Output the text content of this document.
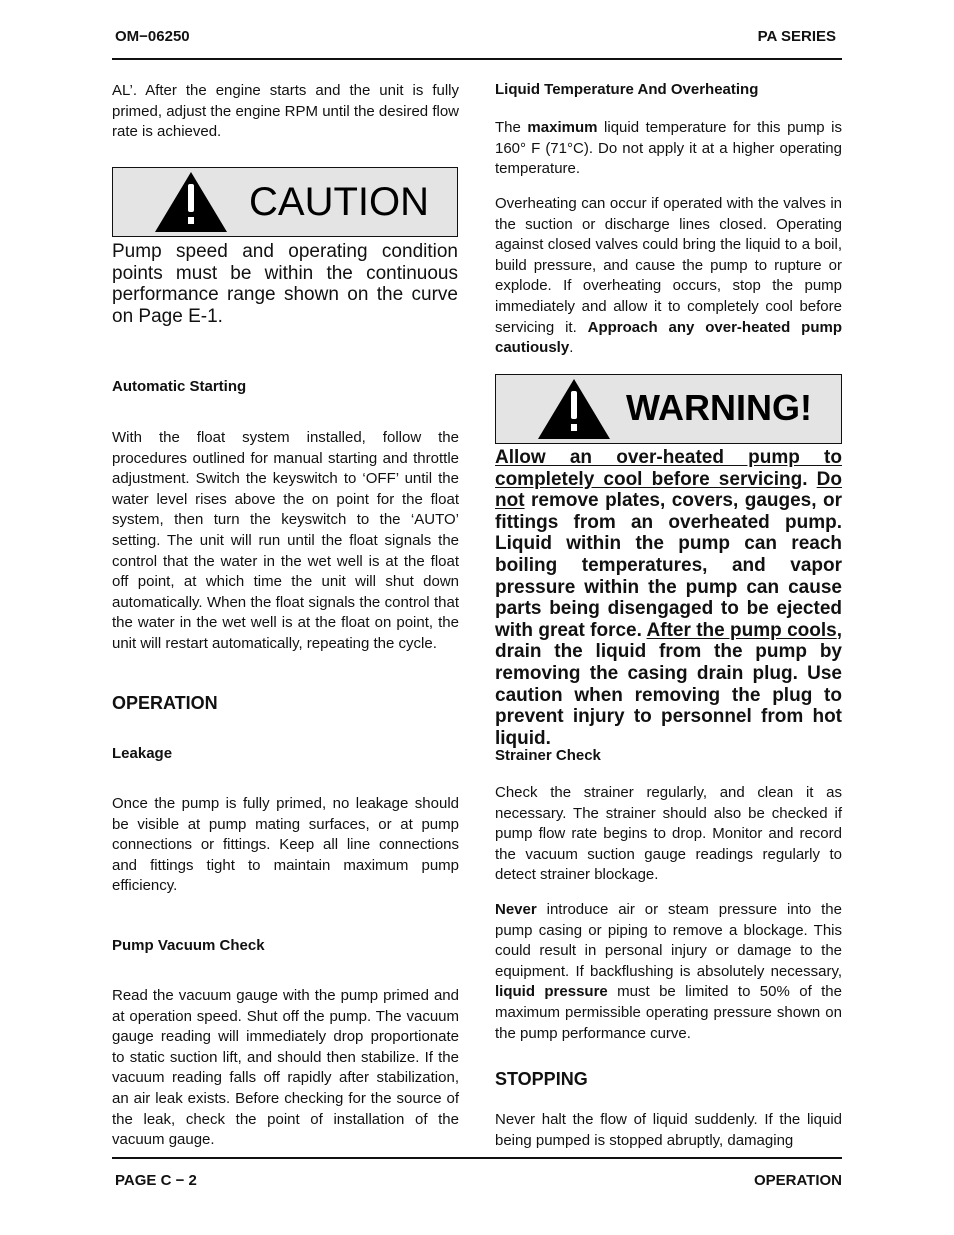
OM−06250	PA SERIES

AL’. After the engine starts and the unit is fully primed, adjust the engine RPM until the desired flow rate is achieved.

CAUTION
Pump speed and operating condition points must be within the continuous performance range shown on the curve on Page E-1.
Automatic Starting

With the float system installed, follow the procedures outlined for manual starting and throttle adjustment. Switch the keyswitch to ‘OFF’ until the water level rises above the on point for the float system, then turn the keyswitch to the ‘AUTO’ setting. The unit will run until the float signals the control that the water in the wet well is at the float off point, at which time the unit will shut down automatically. When the float signals the control that the water in the wet well is at the float on point, the unit will restart automatically, repeating the cycle.

OPERATION
Leakage

Once the pump is fully primed, no leakage should be visible at pump mating surfaces, or at pump connections or fittings. Keep all line connections and fittings tight to maintain maximum pump efficiency.

Pump Vacuum Check

Read the vacuum gauge with the pump primed and at operation speed. Shut off the pump. The vacuum gauge reading will immediately drop proportionate to static suction lift, and should then stabilize. If the vacuum reading falls off rapidly after stabilization, an air leak exists. Before checking for the source of the leak, check the point of installation of the vacuum gauge.

Liquid Temperature And Overheating

The maximum liquid temperature for this pump is 160° F (71°C). Do not apply it at a higher operating temperature.

Overheating can occur if operated with the valves in the suction or discharge lines closed. Operating against closed valves could bring the liquid to a boil, build pressure, and cause the pump to rupture or explode. If overheating occurs, stop the pump immediately and allow it to completely cool before servicing it. Approach any over-heated pump cautiously.

WARNING!
Allow an over-heated pump to completely cool before servicing. Do not remove plates, covers, gauges, or fittings from an overheated pump. Liquid within the pump can reach boiling temperatures, and vapor pressure within the pump can cause parts being disengaged to be ejected with great force. After the pump cools, drain the liquid from the pump by removing the casing drain plug. Use caution when removing the plug to prevent injury to personnel from hot liquid.
Strainer Check

Check the strainer regularly, and clean it as necessary. The strainer should also be checked if pump flow rate begins to drop. Monitor and record the vacuum suction gauge readings regularly to detect strainer blockage.

Never introduce air or steam pressure into the pump casing or piping to remove a blockage. This could result in personal injury or damage to the equipment. If backflushing is absolutely necessary, liquid pressure must be limited to 50% of the maximum permissible operating pressure shown on the pump performance curve.

STOPPING

Never halt the flow of liquid suddenly. If the liquid being pumped is stopped abruptly, damaging

PAGE C − 2	OPERATION
